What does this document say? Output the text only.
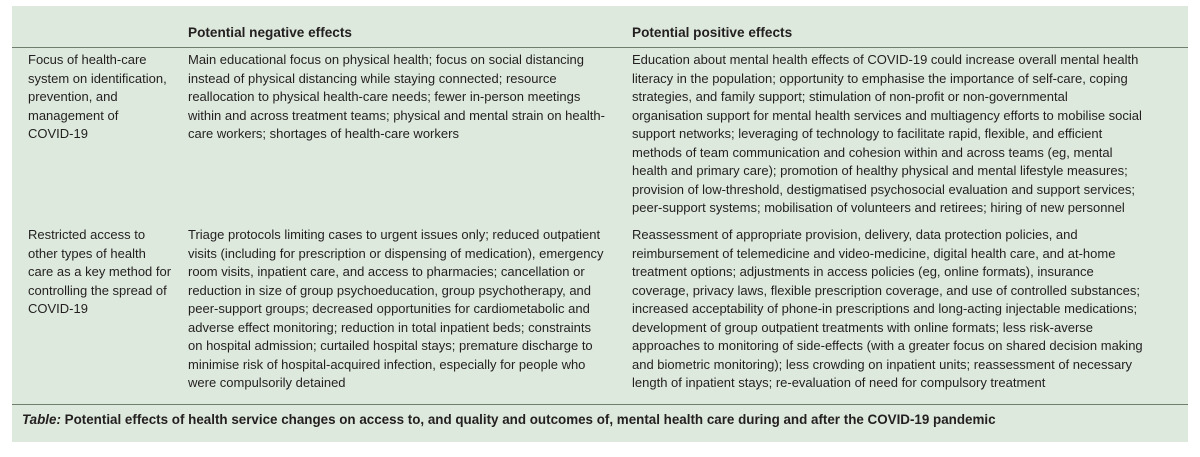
Potential negative effects	Potential positive effects
Focus of health-care
system on identification,
prevention, and
management of
COVID-19
Main educational focus on physical health; focus on social distancing
instead of physical distancing while staying connected; resource
reallocation to physical health-care needs; fewer in-person meetings
within and across treatment teams; physical and mental strain on health-
care workers; shortages of health-care workers
Education about mental health effects of COVID-19 could increase overall mental health
literacy in the population; opportunity to emphasise the importance of self-care, coping
strategies, and family support; stimulation of non-profit or non-governmental
organisation support for mental health services and multiagency efforts to mobilise social
support networks; leveraging of technology to facilitate rapid, flexible, and efficient
methods of team communication and cohesion within and across teams (eg, mental
health and primary care); promotion of healthy physical and mental lifestyle measures;
provision of low-threshold, destigmatised psychosocial evaluation and support services;
peer-support systems; mobilisation of volunteers and retirees; hiring of new personnel
Restricted access to
other types of health
care as a key method for
controlling the spread of
COVID-19
Triage protocols limiting cases to urgent issues only; reduced outpatient
visits (including for prescription or dispensing of medication), emergency
room visits, inpatient care, and access to pharmacies; cancellation or
reduction in size of group psychoeducation, group psychotherapy, and
peer-support groups; decreased opportunities for cardiometabolic and
adverse effect monitoring; reduction in total inpatient beds; constraints
on hospital admission; curtailed hospital stays; premature discharge to
minimise risk of hospital-acquired infection, especially for people who
were compulsorily detained
Reassessment of appropriate provision, delivery, data protection policies, and
reimbursement of telemedicine and video-medicine, digital health care, and at-home
treatment options; adjustments in access policies (eg, online formats), insurance
coverage, privacy laws, flexible prescription coverage, and use of controlled substances;
increased acceptability of phone-in prescriptions and long-acting injectable medications;
development of group outpatient treatments with online formats; less risk-averse
approaches to monitoring of side-effects (with a greater focus on shared decision making
and biometric monitoring); less crowding on inpatient units; reassessment of necessary
length of inpatient stays; re-evaluation of need for compulsory treatment
Table: Potential effects of health service changes on access to, and quality and outcomes of, mental health care during and after the COVID-19 pandemic
